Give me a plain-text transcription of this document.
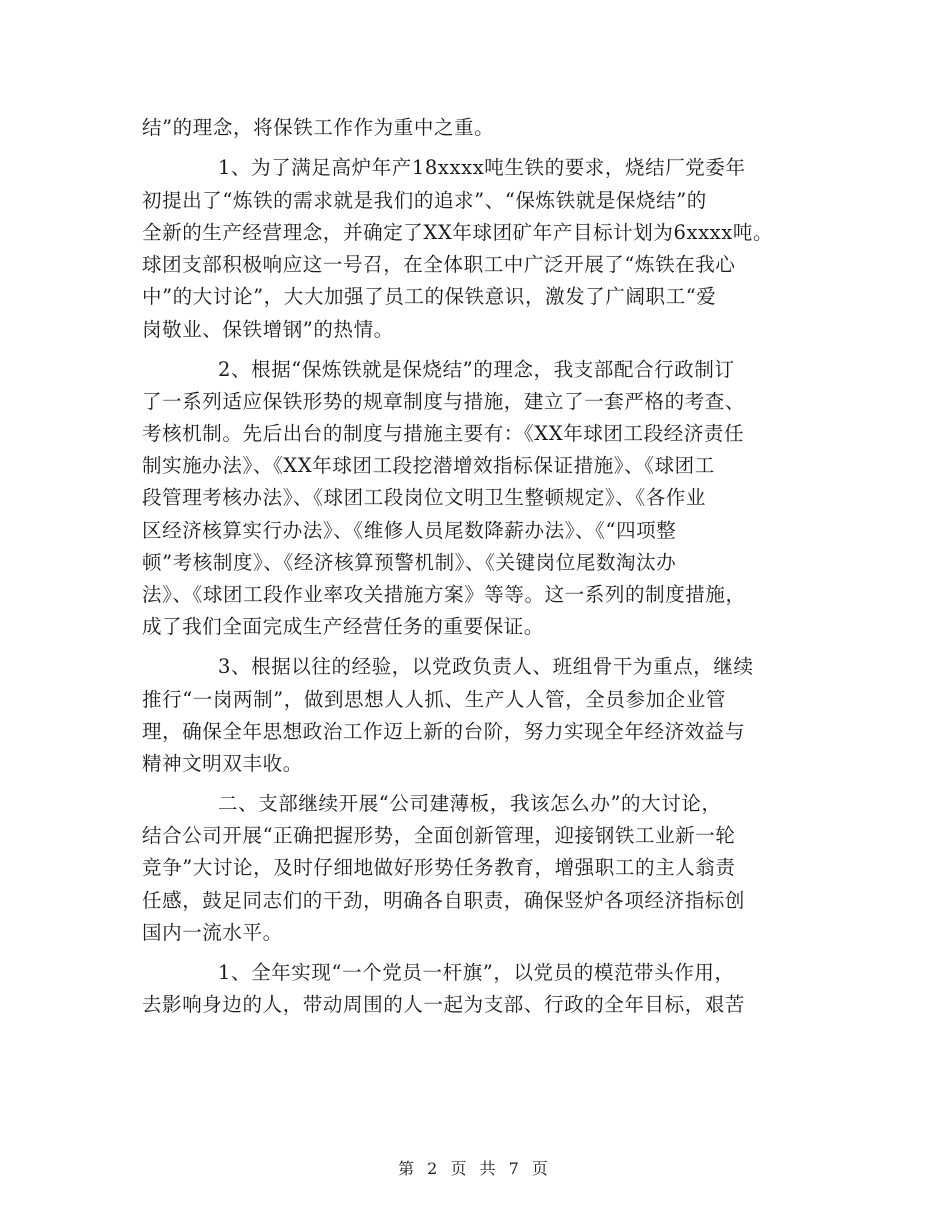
结”的理念，将保铁工作作为重中之重。
1、为了满足高炉年产18xxxx吨生铁的要求，烧结厂党委年
初提出了“炼铁的需求就是我们的追求”、“保炼铁就是保烧结”的
全新的生产经营理念，并确定了XX年球团矿年产目标计划为6xxxx吨。
球团支部积极响应这一号召，在全体职工中广泛开展了“炼铁在我心
中”的大讨论”，大大加强了员工的保铁意识，激发了广阔职工“爱
岗敬业、保铁增钢”的热情。
2、根据“保炼铁就是保烧结”的理念，我支部配合行政制订
了一系列适应保铁形势的规章制度与措施，建立了一套严格的考查、
考核机制。先后出台的制度与措施主要有：《XX年球团工段经济责任
制实施办法》、《XX年球团工段挖潜增效指标保证措施》、《球团工
段管理考核办法》、《球团工段岗位文明卫生整顿规定》、《各作业
区经济核算实行办法》、《维修人员尾数降薪办法》、《“四项整
顿”考核制度》、《经济核算预警机制》、《关键岗位尾数淘汰办
法》、《球团工段作业率攻关措施方案》等等。这一系列的制度措施，
成了我们全面完成生产经营任务的重要保证。
3、根据以往的经验，以党政负责人、班组骨干为重点，继续
推行“一岗两制”，做到思想人人抓、生产人人管，全员参加企业管
理，确保全年思想政治工作迈上新的台阶，努力实现全年经济效益与
精神文明双丰收。
二、支部继续开展“公司建薄板，我该怎么办”的大讨论，
结合公司开展“正确把握形势，全面创新管理，迎接钢铁工业新一轮
竞争”大讨论，及时仔细地做好形势任务教育，增强职工的主人翁责
任感，鼓足同志们的干劲，明确各自职责，确保竖炉各项经济指标创
国内一流水平。
1、全年实现“一个党员一杆旗”，以党员的模范带头作用，
去影响身边的人，带动周围的人一起为支部、行政的全年目标，艰苦
第 2 页 共 7 页
